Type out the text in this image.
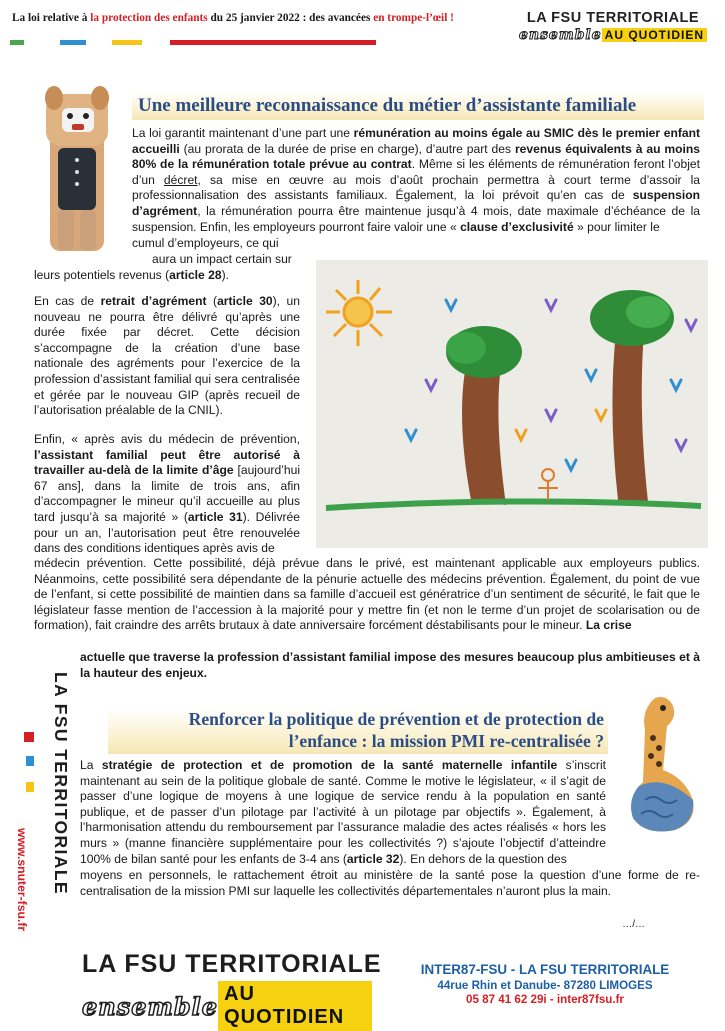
La loi relative à la protection des enfants du 25 janvier 2022 : des avancées en trompe-l’œil !	LA FSU TERRITORIALE
ensemble AU QUOTIDIEN
Une meilleure reconnaissance du métier d’assistante familiale

La loi garantit maintenant d’une part une rémunération au moins égale au SMIC dès le premier enfant accueilli (au prorata de la durée de prise en charge), d’autre part des revenus équivalents à au moins 80% de la rémunération totale prévue au contrat. Même si les éléments de rémunération feront l’objet d’un décret, sa mise en œuvre au mois d’août prochain permettra à court terme d’assoir la professionnalisation des assistants familiaux. Également, la loi prévoit qu’en cas de suspension d’agrément, la rémunération pourra être maintenue jusqu’à 4 mois, date maximale d’échéance de la suspension. Enfin, les employeurs pourront faire valoir une « clause d’exclusivité » pour limiter le

cumul d’employeurs, ce qui

aura un impact certain sur

leurs potentiels revenus (article 28).

En cas de retrait d’agrément (article 30), un nouveau ne pourra être délivré qu’après une durée fixée par décret. Cette décision s’accompagne de la création d’une base nationale des agréments pour l’exercice de la profession d’assistant familial qui sera centralisée et gérée par le nouveau GIP (après recueil de l’autorisation préalable de la CNIL).

Enfin, « après avis du médecin de prévention, l’assistant familial peut être autorisé à travailler au-delà de la limite d’âge [aujourd’hui 67 ans], dans la limite de trois ans, afin d’accompagner le mineur qu’il accueille au plus tard jusqu’à sa majorité » (article 31). Délivrée pour un an, l’autorisation peut être renouvelée dans des conditions identiques après avis de

médecin prévention. Cette possibilité, déjà prévue dans le privé, est maintenant applicable aux employeurs publics. Néanmoins, cette possibilité sera dépendante de la pénurie actuelle des médecins prévention. Également, du point de vue de l’enfant, si cette possibilité de maintien dans sa famille d’accueil est génératrice d’un sentiment de sécurité, le fait que le législateur fasse mention de l’accession à la majorité pour y mettre fin (et non le terme d’un projet de scolarisation ou de formation), fait craindre des arrêts brutaux à date anniversaire forcément déstabilisants pour le mineur. La crise

actuelle que traverse la profession d’assistant familial impose des mesures beaucoup plus ambitieuses et à la hauteur des enjeux.

LA FSU TERRITORIALE
www.snuter-fsu.fr
Renforcer la politique de prévention et de protection de
l’enfance : la mission PMI re-centralisée ?

La stratégie de protection et de promotion de la santé maternelle infantile s’inscrit maintenant au sein de la politique globale de santé. Comme le motive le législateur, « il s’agit de passer d’une logique de moyens à une logique de service rendu à la population en santé publique, et de passer d’un pilotage par l’activité à un pilotage par objectifs ». Également, à l’harmonisation attendu du remboursement par l’assurance maladie des actes réalisés « hors les murs » (manne financière supplémentaire pour les collectivités ?) s’ajoute l’objectif d’atteindre 100% de bilan santé pour les enfants de 3-4 ans (article 32). En dehors de la question des

moyens en personnels, le rattachement étroit au ministère de la santé pose la question d’une forme de re-centralisation de la mission PMI sur laquelle les collectivités départementales n’auront plus la main.

…/…
LA FSU TERRITORIALE
ensemble AU QUOTIDIEN
INTER87-FSU - LA FSU TERRITORIALE
44rue Rhin et Danube- 87280 LIMOGES
05 87 41 62 29i - inter87fsu.fr
